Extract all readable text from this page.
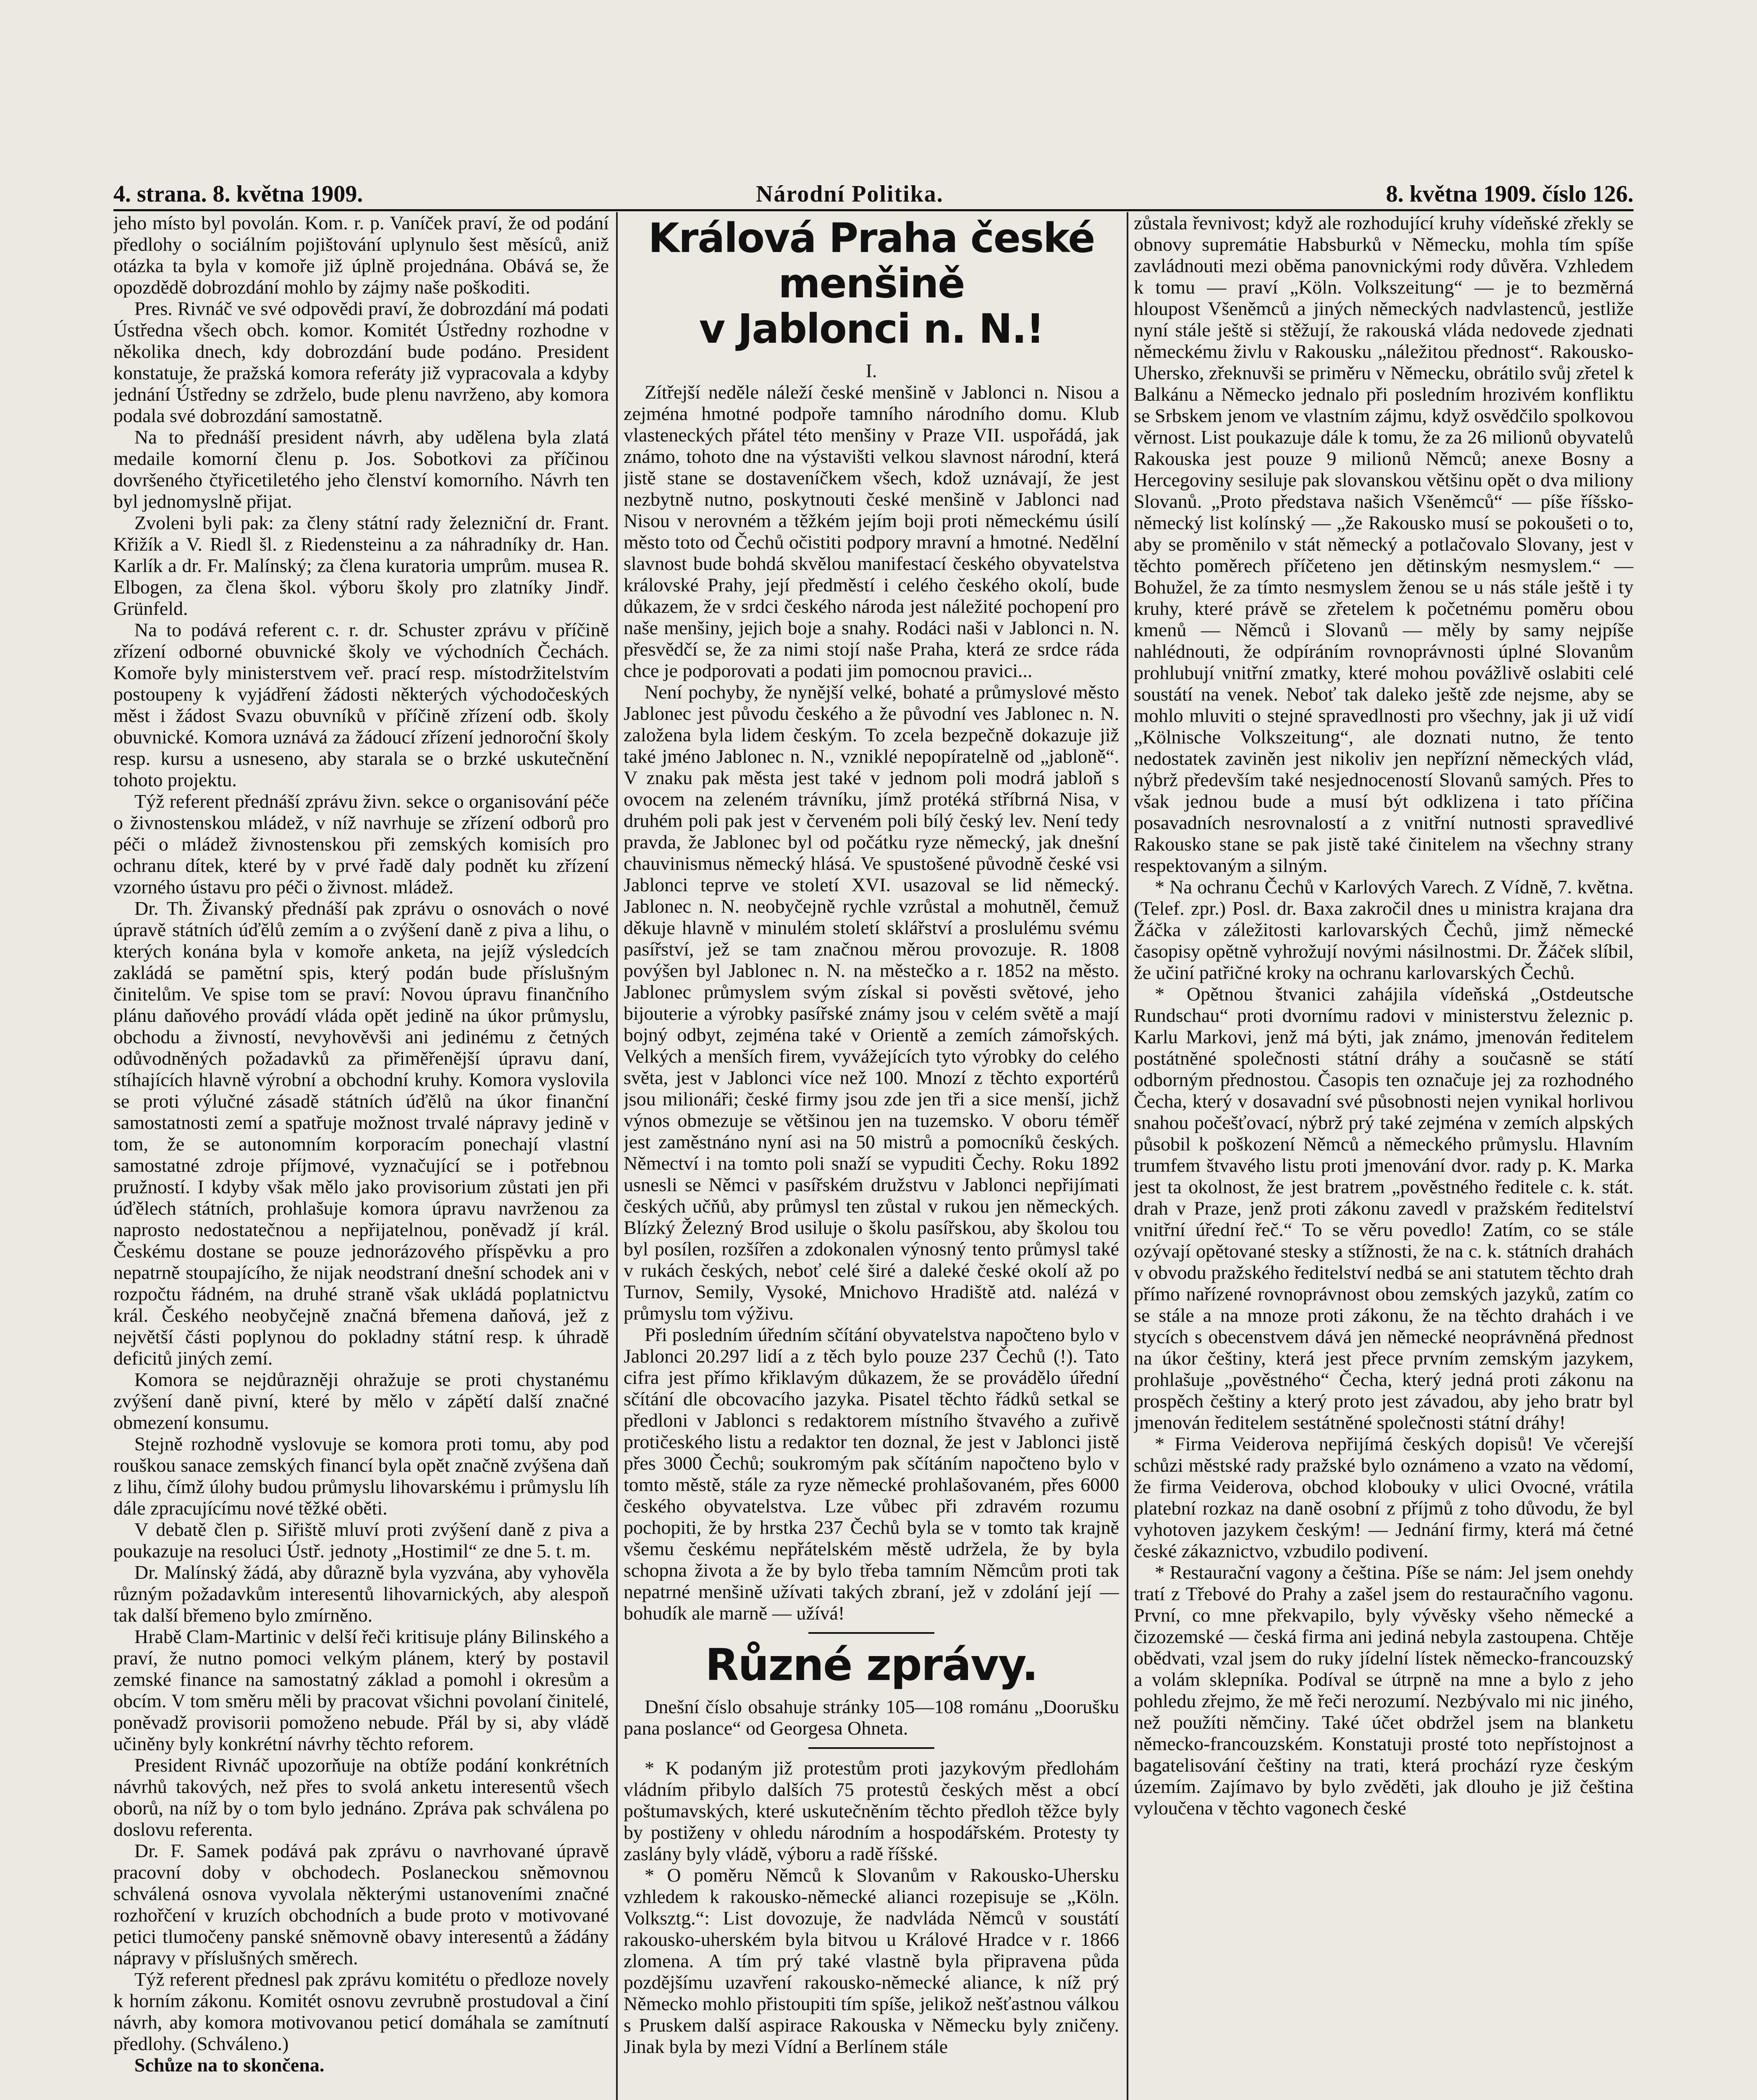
4. strana. 8. května 1909.	Národní Politika.	8. května 1909. číslo 126.

jeho místo byl povolán. Kom. r. p. Vaníček praví, že od podání předlohy o sociálním pojištování uplynulo šest měsíců, aniž otázka ta byla v komoře již úplně projednána. Obává se, že opozdědě dobrozdání mohlo by zájmy naše poškoditi.

Pres. Rivnáč ve své odpovědi praví, že dobrozdání má podati Ústředna všech obch. komor. Komitét Ústředny rozhodne v několika dnech, kdy dobrozdání bude podáno. President konstatuje, že pražská komora referáty již vypracovala a kdyby jednání Ústředny se zdrželo, bude plenu navrženo, aby komora podala své dobrozdání samostatně.

Na to přednáší president návrh, aby udělena byla zlatá medaile komorní členu p. Jos. Sobotkovi za příčinou dovršeného čtyřicetiletého jeho členství komorního. Návrh ten byl jednomyslně přijat.

Zvoleni byli pak: za členy státní rady železniční dr. Frant. Křižík a V. Riedl šl. z Riedensteinu a za náhradníky dr. Han. Karlík a dr. Fr. Malínský; za člena kuratoria umprům. musea R. Elbogen, za člena škol. výboru školy pro zlatníky Jindř. Grünfeld.

Na to podává referent c. r. dr. Schuster zprávu v příčině zřízení odborné obuvnické školy ve východních Čechách. Komoře byly ministerstvem veř. prací resp. místodržitelstvím postoupeny k vyjádření žádosti některých východočeských měst i žádost Svazu obuvníků v příčině zřízení odb. školy obuvnické. Komora uznává za žádoucí zřízení jednoroční školy resp. kursu a usneseno, aby starala se o brzké uskutečnění tohoto projektu.

Týž referent přednáší zprávu živn. sekce o organisování péče o živnostenskou mládež, v níž navrhuje se zřízení odborů pro péči o mládež živnostenskou při zemských komisích pro ochranu dítek, které by v prvé řadě daly podnět ku zřízení vzorného ústavu pro péči o živnost. mládež.

Dr. Th. Živanský přednáší pak zprávu o osnovách o nové úpravě státních úďělů zemím a o zvýšení daně z piva a lihu, o kterých konána byla v komoře anketa, na jejíž výsledcích zakládá se pamětní spis, který podán bude příslušným činitelům. Ve spise tom se praví: Novou úpravu finančního plánu daňového provádí vláda opět jedině na úkor průmyslu, obchodu a živností, nevyhověvši ani jedinému z četných odůvodněných požadavků za přiměřenější úpravu daní, stíhajících hlavně výrobní a obchodní kruhy. Komora vyslovila se proti výlučné zásadě státních úďělů na úkor finanční samostatnosti zemí a spatřuje možnost trvalé nápravy jedině v tom, že se autonomním korporacím ponechají vlastní samostatné zdroje příjmové, vyznačující se i potřebnou pružností. I kdyby však mělo jako provisorium zůstati jen při úďělech státních, prohlašuje komora úpravu navrženou za naprosto nedostatečnou a nepřijatelnou, poněvadž jí král. Českému dostane se pouze jednorázového příspěvku a pro nepatrně stoupajícího, že nijak neodstraní dnešní schodek ani v rozpočtu řádném, na druhé straně však ukládá poplatnictvu král. Českého neobyčejně značná břemena daňová, jež z největší části poplynou do pokladny státní resp. k úhradě deficitů jiných zemí.

Komora se nejdůrazněji ohražuje se proti chystanému zvýšení daně pivní, které by mělo v zápětí další značné obmezení konsumu.

Stejně rozhodně vyslovuje se komora proti tomu, aby pod rouškou sanace zemských financí byla opět značně zvýšena daň z lihu, čímž úlohy budou průmyslu lihovarskému i průmyslu líh dále zpracujícímu nové těžké oběti.

V debatě člen p. Siřiště mluví proti zvýšení daně z piva a poukazuje na resoluci Ústř. jednoty „Hostimil“ ze dne 5. t. m.

Dr. Malínský žádá, aby důrazně byla vyzvána, aby vyhověla různým požadavkům interesentů lihovarnických, aby alespoň tak další břemeno bylo zmírněno.

Hrabě Clam-Martinic v delší řeči kritisuje plány Bilinského a praví, že nutno pomoci velkým plánem, který by postavil zemské finance na samostatný základ a pomohl i okresům a obcím. V tom směru měli by pracovat všichni povolaní činitelé, poněvadž provisorii pomoženo nebude. Přál by si, aby vládě učiněny byly konkrétní návrhy těchto reforem.

President Rivnáč upozorňuje na obtíže podání konkrétních návrhů takových, než přes to svolá anketu interesentů všech oborů, na níž by o tom bylo jednáno. Zpráva pak schválena po doslovu referenta.

Dr. F. Samek podává pak zprávu o navrhované úpravě pracovní doby v obchodech. Poslaneckou sněmovnou schválená osnova vyvolala některými ustanoveními značné rozhořčení v kruzích obchodních a bude proto v motivované petici tlumočeny panské sněmovně obavy interesentů a žádány nápravy v příslušných směrech.

Týž referent přednesl pak zprávu komitétu o předloze novely k horním zákonu. Komitét osnovu zevrubně prostudoval a činí návrh, aby komora motivovanou peticí domáhala se zamítnutí předlohy. (Schváleno.)

Schůze na to skončena.

Králová Praha české menšině
v Jablonci n. N.!

I.

Zítřejší neděle náleží české menšině v Jablonci n. Nisou a zejména hmotné podpoře tamního národního domu. Klub vlasteneckých přátel této menšiny v Praze VII. uspořádá, jak známo, tohoto dne na výstavišti velkou slavnost národní, která jistě stane se dostaveníčkem všech, kdož uznávají, že jest nezbytně nutno, poskytnouti české menšině v Jablonci nad Nisou v nerovném a těžkém jejím boji proti německému úsilí město toto od Čechů očistiti podpory mravní a hmotné. Nedělní slavnost bude bohdá skvělou manifestací českého obyvatelstva královské Prahy, její předměstí i celého českého okolí, bude důkazem, že v srdci českého národa jest náležité pochopení pro naše menšiny, jejich boje a snahy. Rodáci naši v Jablonci n. N. přesvědčí se, že za nimi stojí naše Praha, která ze srdce ráda chce je podporovati a podati jim pomocnou pravici...

Není pochyby, že nynější velké, bohaté a průmyslové město Jablonec jest původu českého a že původní ves Jablonec n. N. založena byla lidem českým. To zcela bezpečně dokazuje již také jméno Jablonec n. N., vzniklé nepopíratelně od „jabloně“. V znaku pak města jest také v jednom poli modrá jabloň s ovocem na zeleném trávníku, jímž protéká stříbrná Nisa, v druhém poli pak jest v červeném poli bílý český lev. Není tedy pravda, že Jablonec byl od počátku ryze německý, jak dnešní chauvinismus německý hlásá. Ve spustošené původně české vsi Jablonci teprve ve století XVI. usazoval se lid německý. Jablonec n. N. neobyčejně rychle vzrůstal a mohutněl, čemuž děkuje hlavně v minulém století sklářství a proslulému svému pasířství, jež se tam značnou měrou provozuje. R. 1808 povýšen byl Jablonec n. N. na městečko a r. 1852 na město. Jablonec průmyslem svým získal si pověsti světové, jeho bijouterie a výrobky pasířské známy jsou v celém světě a mají bojný odbyt, zejména také v Orientě a zemích zámořských. Velkých a menších firem, vyvážejících tyto výrobky do celého světa, jest v Jablonci více než 100. Mnozí z těchto exportérů jsou milionáři; české firmy jsou zde jen tři a sice menší, jichž výnos obmezuje se většinou jen na tuzemsko. V oboru téměř jest zaměstnáno nyní asi na 50 mistrů a pomocníků českých. Němectví i na tomto poli snaží se vypuditi Čechy. Roku 1892 usnesli se Němci v pasířském družstvu v Jablonci nepřijímati českých učňů, aby průmysl ten zůstal v rukou jen německých. Blízký Železný Brod usiluje o školu pasířskou, aby školou tou byl posílen, rozšířen a zdokonalen výnosný tento průmysl také v rukách českých, neboť celé širé a daleké české okolí až po Turnov, Semily, Vysoké, Mnichovo Hradiště atd. nalézá v průmyslu tom výživu.

Při posledním úředním sčítání obyvatelstva napočteno bylo v Jablonci 20.297 lidí a z těch bylo pouze 237 Čechů (!). Tato cifra jest přímo křiklavým důkazem, že se provádělo úřední sčítání dle obcovacího jazyka. Pisatel těchto řádků setkal se předloni v Jablonci s redaktorem místního štvavého a zuřivě protičeského listu a redaktor ten doznal, že jest v Jablonci jistě přes 3000 Čechů; soukromým pak sčítáním napočteno bylo v tomto městě, stále za ryze německé prohlašovaném, přes 6000 českého obyvatelstva. Lze vůbec při zdravém rozumu pochopiti, že by hrstka 237 Čechů byla se v tomto tak krajně všemu českému nepřátelském městě udržela, že by byla schopna života a že by bylo třeba tamním Němcům proti tak nepatrné menšině užívati takých zbraní, jež v zdolání její — bohudík ale marně — užívá!

Různé zprávy.

Dnešní číslo obsahuje stránky 105—108 románu „Doorušku pana poslance“ od Georgesa Ohneta.

* K podaným již protestům proti jazykovým předlohám vládním přibylo dalších 75 protestů českých měst a obcí poštumavských, které uskutečněním těchto předloh těžce byly by postiženy v ohledu národním a hospodářském. Protesty ty zaslány byly vládě, výboru a radě říšské.

* O poměru Němců k Slovanům v Rakousko-Uhersku vzhledem k rakousko-německé alianci rozepisuje se „Köln. Volksztg.“: List dovozuje, že nadvláda Němců v soustátí rakousko-uherském byla bitvou u Králové Hradce v r. 1866 zlomena. A tím prý také vlastně byla připravena půda pozdějšímu uzavření rakousko-německé aliance, k níž prý Německo mohlo přistoupiti tím spíše, jelikož nešťastnou válkou s Pruskem další aspirace Rakouska v Německu byly zničeny. Jinak byla by mezi Vídní a Berlínem stále

zůstala řevnivost; když ale rozhodující kruhy vídeňské zřekly se obnovy supremátie Habsburků v Německu, mohla tím spíše zavládnouti mezi oběma panovnickými rody důvěra. Vzhledem k tomu — praví „Köln. Volkszeitung“ — je to bezměrná hloupost Všeněmců a jiných německých nadvlastenců, jestliže nyní stále ještě si stěžují, že rakouská vláda nedovede zjednati německému živlu v Rakousku „náležitou přednost“. Rakousko-Uhersko, zřeknuvši se priměru v Německu, obrátilo svůj zřetel k Balkánu a Německo jednalo při posledním hrozivém konfliktu se Srbskem jenom ve vlastním zájmu, když osvědčilo spolkovou věrnost. List poukazuje dále k tomu, že za 26 milionů obyvatelů Rakouska jest pouze 9 milionů Němců; anexe Bosny a Hercegoviny sesiluje pak slovanskou většinu opět o dva miliony Slovanů. „Proto představa našich Všeněmců“ — píše říšsko-německý list kolínský — „že Rakousko musí se pokoušeti o to, aby se proměnilo v stát německý a potlačovalo Slovany, jest v těchto poměrech příčeteno jen dětinským nesmyslem.“ — Bohužel, že za tímto nesmyslem ženou se u nás stále ještě i ty kruhy, které právě se zřetelem k početnému poměru obou kmenů — Němců i Slovanů — měly by samy nejpíše nahlédnouti, že odpíráním rovnoprávnosti úplné Slovanům prohlubují vnitřní zmatky, které mohou povážlivě oslabiti celé soustátí na venek. Neboť tak daleko ještě zde nejsme, aby se mohlo mluviti o stejné spravedlnosti pro všechny, jak ji už vidí „Kölnische Volkszeitung“, ale doznati nutno, že tento nedostatek zaviněn jest nikoliv jen nepřízní německých vlád, nýbrž především také nesjednoceností Slovanů samých. Přes to však jednou bude a musí být odklizena i tato příčina posavadních nesrovnalostí a z vnitřní nutnosti spravedlivé Rakousko stane se pak jistě také činitelem na všechny strany respektovaným a silným.

* Na ochranu Čechů v Karlových Varech. Z Vídně, 7. května. (Telef. zpr.) Posl. dr. Baxa zakročil dnes u ministra krajana dra Žáčka v záležitosti karlovarských Čechů, jimž německé časopisy opětně vyhrožují novými násilnostmi. Dr. Žáček slíbil, že učiní patřičné kroky na ochranu karlovarských Čechů.

* Opětnou štvanici zahájila vídeňská „Ostdeutsche Rundschau“ proti dvornímu radovi v ministerstvu železnic p. Karlu Markovi, jenž má býti, jak známo, jmenován ředitelem postátněné společnosti státní dráhy a současně se státí odborným přednostou. Časopis ten označuje jej za rozhodného Čecha, který v dosavadní své působnosti nejen vynikal horlivou snahou počešťovací, nýbrž prý také zejména v zemích alpských působil k poškození Němců a německého průmyslu. Hlavním trumfem štvavého listu proti jmenování dvor. rady p. K. Marka jest ta okolnost, že jest bratrem „pověstného ředitele c. k. stát. drah v Praze, jenž proti zákonu zavedl v pražském ředitelství vnitřní úřední řeč.“ To se věru povedlo! Zatím, co se stále ozývají opětované stesky a stížnosti, že na c. k. státních drahách v obvodu pražského ředitelství nedbá se ani statutem těchto drah přímo nařízené rovnoprávnost obou zemských jazyků, zatím co se stále a na mnoze proti zákonu, že na těchto drahách i ve stycích s obecenstvem dává jen německé neoprávněná přednost na úkor češtiny, která jest přece prvním zemským jazykem, prohlašuje „pověstného“ Čecha, který jedná proti zákonu na prospěch češtiny a který proto jest závadou, aby jeho bratr byl jmenován ředitelem sestátněné společnosti státní dráhy!

* Firma Veiderova nepřijímá českých dopisů! Ve včerejší schůzi městské rady pražské bylo oznámeno a vzato na vědomí, že firma Veiderova, obchod klobouky v ulici Ovocné, vrátila platební rozkaz na daně osobní z příjmů z toho důvodu, že byl vyhotoven jazykem českým! — Jednání firmy, která má četné české zákaznictvo, vzbudilo podivení.

* Restaurační vagony a čeština. Píše se nám: Jel jsem onehdy tratí z Třebové do Prahy a zašel jsem do restauračního vagonu. První, co mne překvapilo, byly vývěsky všeho německé a čizozemské — česká firma ani jediná nebyla zastoupena. Chtěje obědvati, vzal jsem do ruky jídelní lístek německo-francouzský a volám sklepníka. Podíval se útrpně na mne a bylo z jeho pohledu zřejmo, že mě řeči nerozumí. Nezbývalo mi nic jiného, než použíti němčiny. Také účet obdržel jsem na blanketu německo-francouzském. Konstatuji prosté toto nepřístojnost a bagatelisování češtiny na trati, která prochází ryze českým územím. Zajímavo by bylo zvěděti, jak dlouho je již čeština vyloučena v těchto vagonech české
